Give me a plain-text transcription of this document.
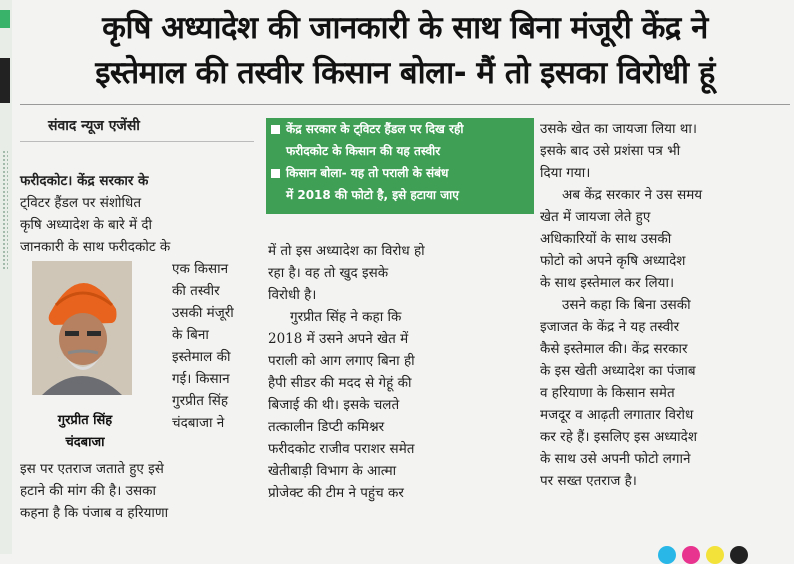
कृषि अध्यादेश की जानकारी के साथ बिना मंजूरी केंद्र ने
इस्तेमाल की तस्वीर किसान बोला- मैं तो इसका विरोधी हूं
संवाद न्यूज एजेंसी	केंद्र सरकार के ट्विटर हैंडल पर दिख रही
फरीदकोट के किसान की यह तस्वीर
किसान बोला- यह तो पराली के संबंध
में 2018 की फोटो है, इसे हटाया जाए

फरीदकोट। केंद्र सरकार के

ट्विटर हैंडल पर संशोधित

कृषि अध्यादेश के बारे में दी

जानकारी के साथ फरीदकोट के

गुरप्रीत सिंह
चंदबाजा

एक किसान

की तस्वीर

उसकी मंजूरी

के बिना

इस्तेमाल की

गई। किसान

गुरप्रीत सिंह

चंदबाजा ने

इस पर एतराज जताते हुए इसे

हटाने की मांग की है। उसका

कहना है कि पंजाब व हरियाणा

में तो इस अध्यादेश का विरोध हो

रहा है। वह तो खुद इसके

विरोधी है।

गुरप्रीत सिंह ने कहा कि

2018 में उसने अपने खेत में

पराली को आग लगाए बिना ही

हैपी सीडर की मदद से गेहूं की

बिजाई की थी। इसके चलते

तत्कालीन डिप्टी कमिश्नर

फरीदकोट राजीव पराशर समेत

खेतीबाड़ी विभाग के आत्मा

प्रोजेक्ट की टीम ने पहुंच कर

उसके खेत का जायजा लिया था।

इसके बाद उसे प्रशंसा पत्र भी

दिया गया।

अब केंद्र सरकार ने उस समय

खेत में जायजा लेते हुए

अधिकारियों के साथ उसकी

फोटो को अपने कृषि अध्यादेश

के साथ इस्तेमाल कर लिया।

उसने कहा कि बिना उसकी

इजाजत के केंद्र ने यह तस्वीर

कैसे इस्तेमाल की। केंद्र सरकार

के इस खेती अध्यादेश का पंजाब

व हरियाणा के किसान समेत

मजदूर व आढ़ती लगातार विरोध

कर रहे हैं। इसलिए इस अध्यादेश

के साथ उसे अपनी फोटो लगाने

पर सख्त एतराज है।
